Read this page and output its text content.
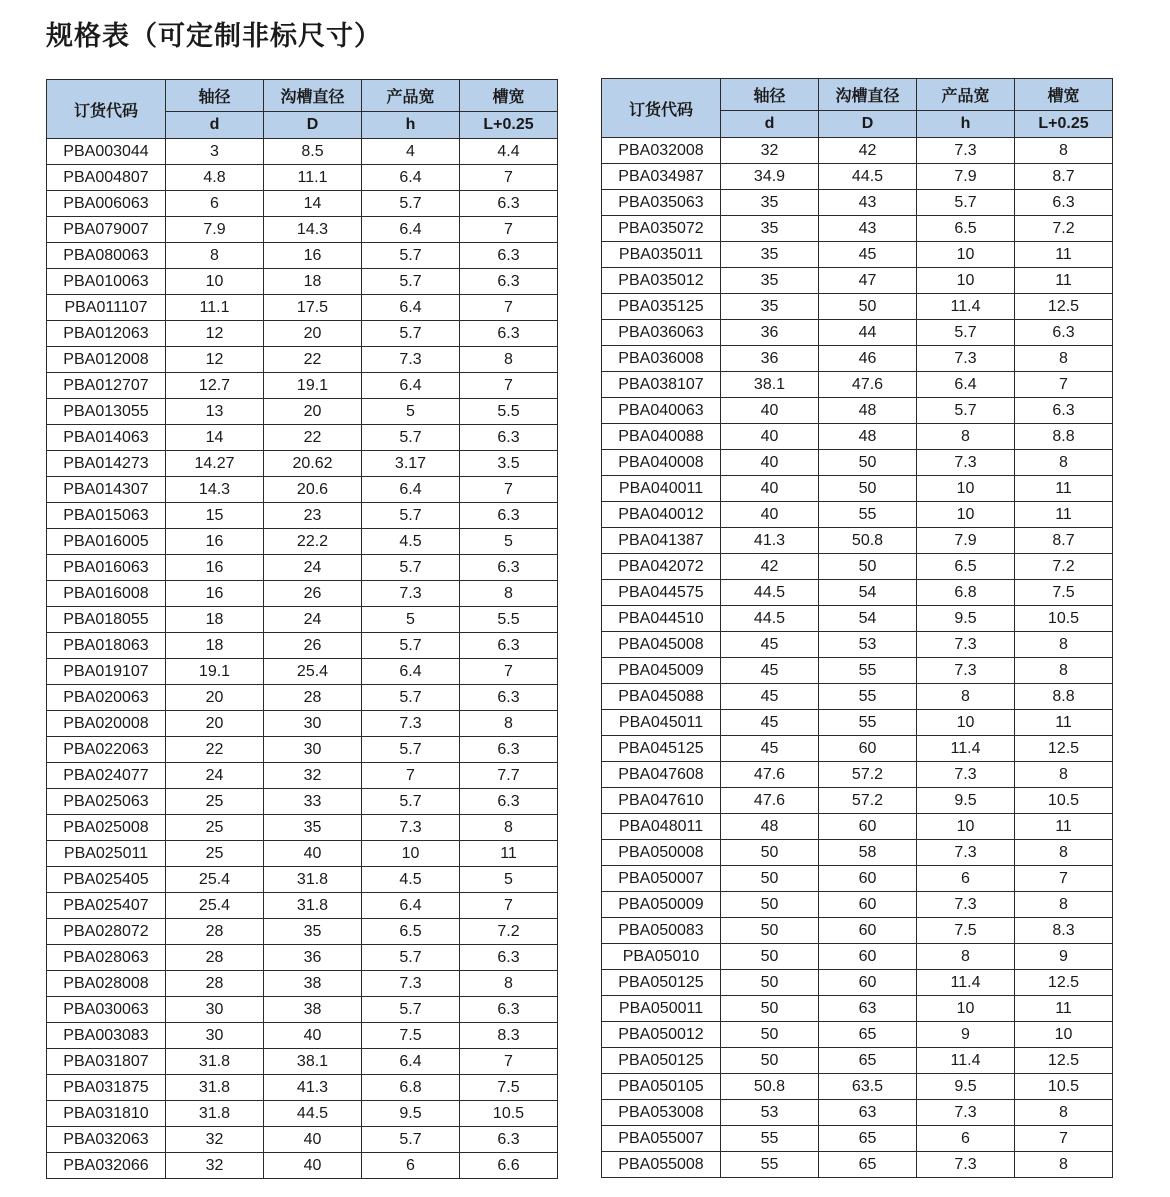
规格表（可定制非标尺寸）
订货代码	轴径	沟槽直径	产品宽	槽宽
	d	D	h	L+0.25
PBA003044	3	8.5	4	4.4
PBA004807	4.8	11.1	6.4	7
PBA006063	6	14	5.7	6.3
PBA079007	7.9	14.3	6.4	7
PBA080063	8	16	5.7	6.3
PBA010063	10	18	5.7	6.3
PBA011107	11.1	17.5	6.4	7
PBA012063	12	20	5.7	6.3
PBA012008	12	22	7.3	8
PBA012707	12.7	19.1	6.4	7
PBA013055	13	20	5	5.5
PBA014063	14	22	5.7	6.3
PBA014273	14.27	20.62	3.17	3.5
PBA014307	14.3	20.6	6.4	7
PBA015063	15	23	5.7	6.3
PBA016005	16	22.2	4.5	5
PBA016063	16	24	5.7	6.3
PBA016008	16	26	7.3	8
PBA018055	18	24	5	5.5
PBA018063	18	26	5.7	6.3
PBA019107	19.1	25.4	6.4	7
PBA020063	20	28	5.7	6.3
PBA020008	20	30	7.3	8
PBA022063	22	30	5.7	6.3
PBA024077	24	32	7	7.7
PBA025063	25	33	5.7	6.3
PBA025008	25	35	7.3	8
PBA025011	25	40	10	11
PBA025405	25.4	31.8	4.5	5
PBA025407	25.4	31.8	6.4	7
PBA028072	28	35	6.5	7.2
PBA028063	28	36	5.7	6.3
PBA028008	28	38	7.3	8
PBA030063	30	38	5.7	6.3
PBA003083	30	40	7.5	8.3
PBA031807	31.8	38.1	6.4	7
PBA031875	31.8	41.3	6.8	7.5
PBA031810	31.8	44.5	9.5	10.5
PBA032063	32	40	5.7	6.3
PBA032066	32	40	6	6.6
订货代码	轴径	沟槽直径	产品宽	槽宽
	d	D	h	L+0.25
PBA032008	32	42	7.3	8
PBA034987	34.9	44.5	7.9	8.7
PBA035063	35	43	5.7	6.3
PBA035072	35	43	6.5	7.2
PBA035011	35	45	10	11
PBA035012	35	47	10	11
PBA035125	35	50	11.4	12.5
PBA036063	36	44	5.7	6.3
PBA036008	36	46	7.3	8
PBA038107	38.1	47.6	6.4	7
PBA040063	40	48	5.7	6.3
PBA040088	40	48	8	8.8
PBA040008	40	50	7.3	8
PBA040011	40	50	10	11
PBA040012	40	55	10	11
PBA041387	41.3	50.8	7.9	8.7
PBA042072	42	50	6.5	7.2
PBA044575	44.5	54	6.8	7.5
PBA044510	44.5	54	9.5	10.5
PBA045008	45	53	7.3	8
PBA045009	45	55	7.3	8
PBA045088	45	55	8	8.8
PBA045011	45	55	10	11
PBA045125	45	60	11.4	12.5
PBA047608	47.6	57.2	7.3	8
PBA047610	47.6	57.2	9.5	10.5
PBA048011	48	60	10	11
PBA050008	50	58	7.3	8
PBA050007	50	60	6	7
PBA050009	50	60	7.3	8
PBA050083	50	60	7.5	8.3
PBA05010	50	60	8	9
PBA050125	50	60	11.4	12.5
PBA050011	50	63	10	11
PBA050012	50	65	9	10
PBA050125	50	65	11.4	12.5
PBA050105	50.8	63.5	9.5	10.5
PBA053008	53	63	7.3	8
PBA055007	55	65	6	7
PBA055008	55	65	7.3	8
